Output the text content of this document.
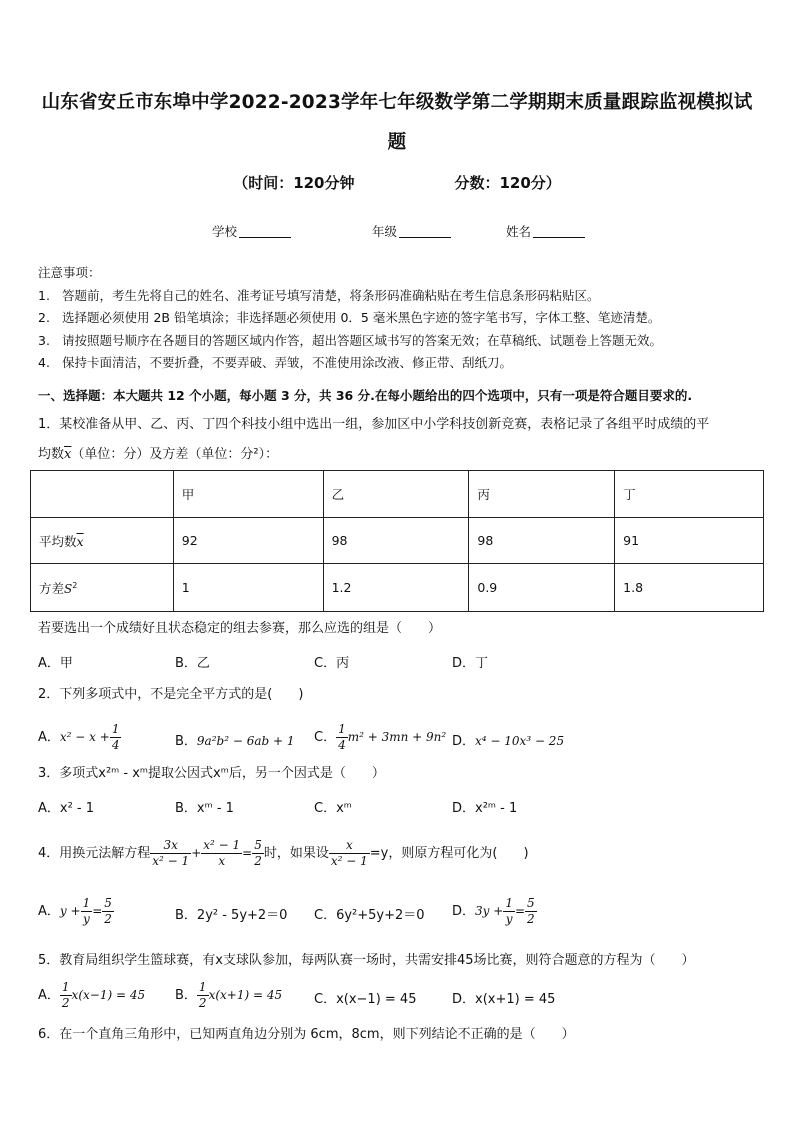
山东省安丘市东埠中学2022-2023学年七年级数学第二学期期末质量跟踪监视模拟试
题
（时间：120分钟	分数：120分）
学校	年级	姓名
注意事项：
1. 答题前，考生先将自己的姓名、准考证号填写清楚，将条形码准确粘贴在考生信息条形码粘贴区。
2. 选择题必须使用 2B 铅笔填涂；非选择题必须使用 0．5 毫米黑色字迹的签字笔书写，字体工整、笔迹清楚。
3. 请按照题号顺序在各题目的答题区域内作答，超出答题区域书写的答案无效；在草稿纸、试题卷上答题无效。
4. 保持卡面清洁，不要折叠，不要弄破、弄皱，不准使用涂改液、修正带、刮纸刀。
一、选择题：本大题共 12 个小题，每小题 3 分，共 36 分.在每小题给出的四个选项中，只有一项是符合题目要求的.
1．某校准备从甲、乙、丙、丁四个科技小组中选出一组，参加区中小学科技创新竞赛，表格记录了各组平时成绩的平
均数$\overline{x}$（单位：分）及方差（单位：分²）：
	甲	乙	丙	丁
平均数$\overline{x}$	92	98	98	91
方差$S^2$	1	1.2	0.9	1.8
若要选出一个成绩好且状态稳定的组去参赛，那么应选的组是（　　）
A．甲	B．乙	C．丙	D．丁
2．下列多项式中，不是完全平方式的是(　　)
A．$x^2 - x + \frac{1}{4}$	B．9a²b² − 6ab + 1 C． $\frac{1}{4} m^2 + 3mn + 9n^2$ D．x⁴ − 10x³ − 25
3．多项式x²ᵐ - xᵐ提取公因式xᵐ后，另一个因式是（　　）
A．x² - 1	B．xᵐ - 1	C．xᵐ	D．x²ᵐ - 1
4．用换元法解方程 $\frac{3x}{\text{x² − 1}} + \frac{\text{x² − 1}}{x} = \frac{5}{2}$ 时，如果设 $\frac{x}{\text{x² − 1}} =y$，则原方程可化为(　　)
A．$y + \frac{1}{y} = \frac{5}{2}$	B．2y² - 5y+2＝0 C．6y²+5y+2＝0 D．$3y + \frac{1}{y} = \frac{5}{2}$
5．教育局组织学生篮球赛，有x支球队参加，每两队赛一场时，共需安排45场比赛，则符合题意的方程为（　　）
A． $\frac{1}{2} x(x-1) = 45$ B． $\frac{1}{2} x(x+1) = 45$ C．x(x−1) = 45	D．x(x+1) = 45
6．在一个直角三角形中，已知两直角边分别为 6cm，8cm，则下列结论不正确的是（　　）
